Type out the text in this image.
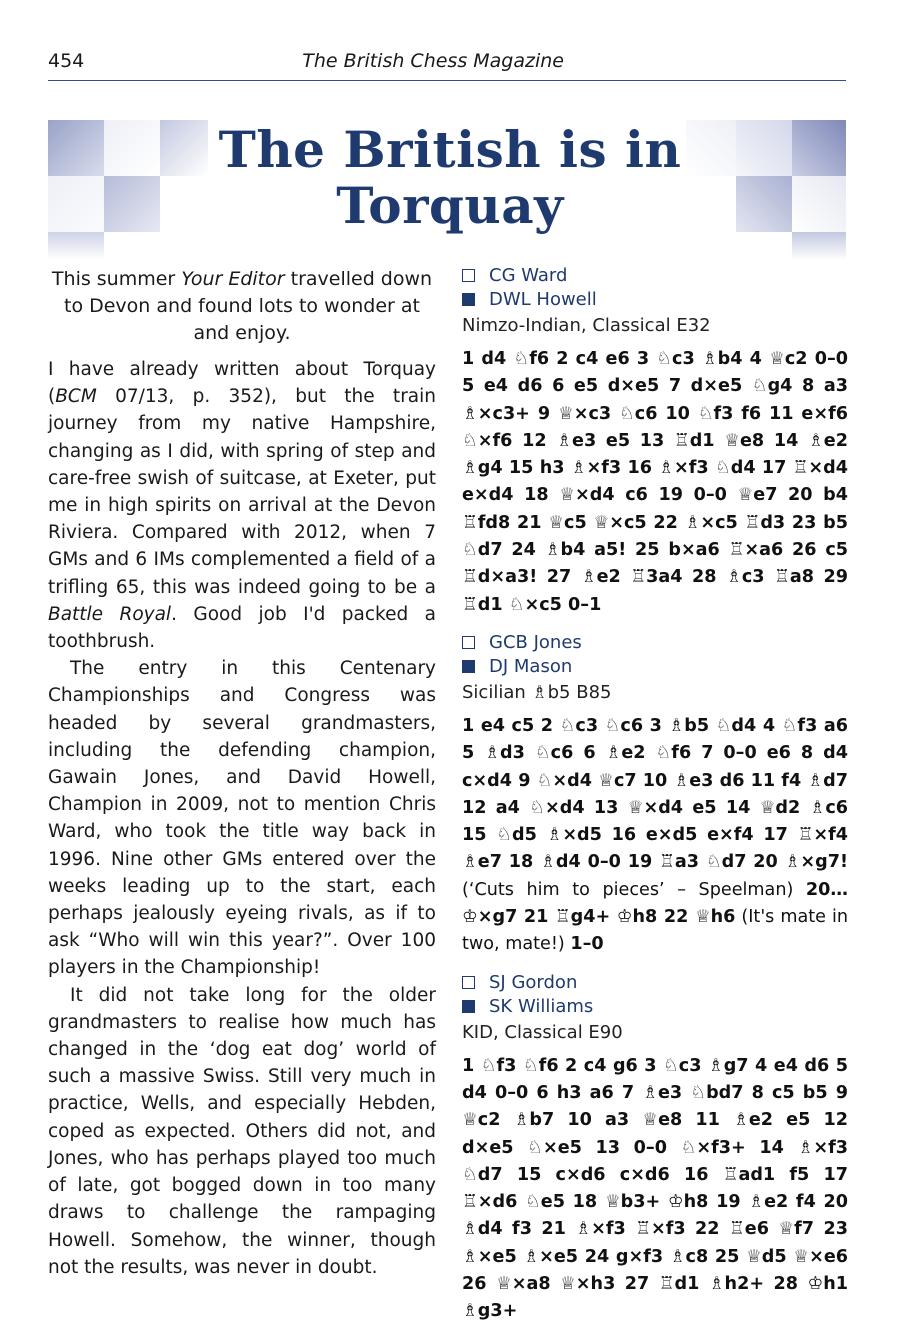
454	The British Chess Magazine
The British is in
Torquay
This summer Your Editor travelled down to Devon and found lots to wonder at and enjoy.

I have already written about Torquay (BCM 07/13, p. 352), but the train journey from my native Hampshire, changing as I did, with spring of step and care-free swish of suitcase, at Exeter, put me in high spirits on arrival at the Devon Riviera. Compared with 2012, when 7 GMs and 6 IMs complemented a field of a trifling 65, this was indeed going to be a Battle Royal. Good job I'd packed a toothbrush.

The entry in this Centenary Championships and Congress was headed by several grandmasters, including the defending champion, Gawain Jones, and David Howell, Champion in 2009, not to mention Chris Ward, who took the title way back in 1996. Nine other GMs entered over the weeks leading up to the start, each perhaps jealously eyeing rivals, as if to ask “Who will win this year?”. Over 100 players in the Championship!

It did not take long for the older grandmasters to realise how much has changed in the ‘dog eat dog’ world of such a massive Swiss. Still very much in practice, Wells, and especially Hebden, coped as expected. Others did not, and Jones, who has perhaps played too much of late, got bogged down in too many draws to challenge the rampaging Howell. Somehow, the winner, though not the results, was never in doubt.

CG Ward
DWL Howell
Nimzo-Indian, Classical E32
1 d4 ♘f6 2 c4 e6 3 ♘c3 ♗b4 4 ♕c2 0–0 5 e4 d6 6 e5 d×e5 7 d×e5 ♘g4 8 a3 ♗×c3+ 9 ♕×c3 ♘c6 10 ♘f3 f6 11 e×f6 ♘×f6 12 ♗e3 e5 13 ♖d1 ♕e8 14 ♗e2 ♗g4 15 h3 ♗×f3 16 ♗×f3 ♘d4 17 ♖×d4 e×d4 18 ♕×d4 c6 19 0–0 ♕e7 20 b4 ♖fd8 21 ♕c5 ♕×c5 22 ♗×c5 ♖d3 23 b5 ♘d7 24 ♗b4 a5! 25 b×a6 ♖×a6 26 c5 ♖d×a3! 27 ♗e2 ♖3a4 28 ♗c3 ♖a8 29 ♖d1 ♘×c5 0–1
GCB Jones
DJ Mason
Sicilian ♗b5 B85
1 e4 c5 2 ♘c3 ♘c6 3 ♗b5 ♘d4 4 ♘f3 a6 5 ♗d3 ♘c6 6 ♗e2 ♘f6 7 0–0 e6 8 d4 c×d4 9 ♘×d4 ♕c7 10 ♗e3 d6 11 f4 ♗d7 12 a4 ♘×d4 13 ♕×d4 e5 14 ♕d2 ♗c6 15 ♘d5 ♗×d5 16 e×d5 e×f4 17 ♖×f4 ♗e7 18 ♗d4 0–0 19 ♖a3 ♘d7 20 ♗×g7! (‘Cuts him to pieces’ – Speelman) 20…♔×g7 21 ♖g4+ ♔h8 22 ♕h6 (It's mate in two, mate!) 1–0
SJ Gordon
SK Williams
KID, Classical E90
1 ♘f3 ♘f6 2 c4 g6 3 ♘c3 ♗g7 4 e4 d6 5 d4 0–0 6 h3 a6 7 ♗e3 ♘bd7 8 c5 b5 9 ♕c2 ♗b7 10 a3 ♕e8 11 ♗e2 e5 12 d×e5 ♘×e5 13 0–0 ♘×f3+ 14 ♗×f3 ♘d7 15 c×d6 c×d6 16 ♖ad1 f5 17 ♖×d6 ♘e5 18 ♕b3+ ♔h8 19 ♗e2 f4 20 ♗d4 f3 21 ♗×f3 ♖×f3 22 ♖e6 ♕f7 23 ♗×e5 ♗×e5 24 g×f3 ♗c8 25 ♕d5 ♕×e6 26 ♕×a8 ♕×h3 27 ♖d1 ♗h2+ 28 ♔h1 ♗g3+
